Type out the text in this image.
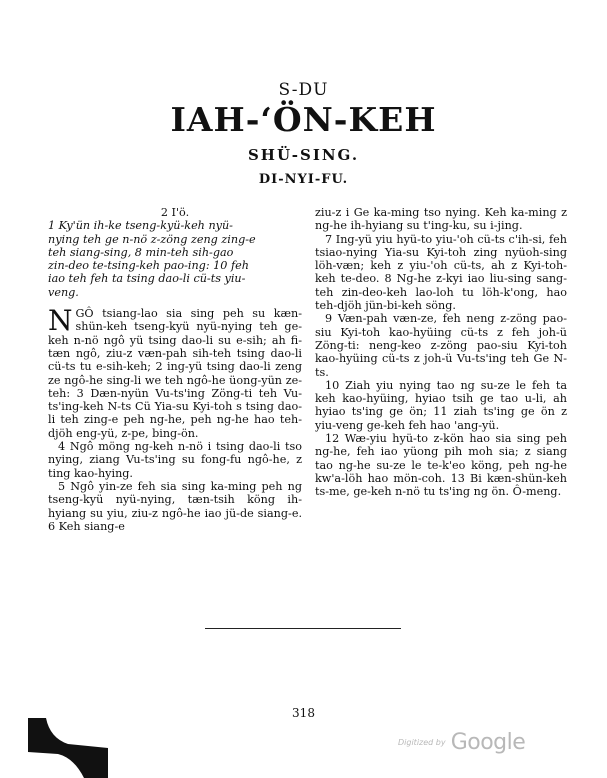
S-DU
IAH-ʻÖN-KEH
SHÜ-SING.
DI-NYI-FU.

2 I'ö.

1 Ky'ün ih-ke tseng-kyü-keh nyü-
nying teh ge n-nö z-zöng zeng zing-e
teh siang-sing, 8 min-teh sih-gao
zin-deo te-tsing-keh pao-ing: 10 feh
iao teh feh ta tsing dao-li cü-ts yiu-
veng.

NGÔ tsiang-lao sia sing peh su kæn-shün-keh tseng-kyü nyü-nying teh ge-keh n-nö ngô yü tsing dao-li su e-sih; ah fi-tæn ngô, ziu-z væn-pah sih-teh tsing dao-li cü-ts tu e-sih-keh; 2 ing-yü tsing dao-li zeng ze ngô-he sing-li we teh ngô-he üong-yün ze-teh: 3 Dæn-nyün Vu-ts'ing Zöng-ti teh Vu-ts'ing-keh N-ts Cü Yia-su Kyi-toh s tsing dao-li teh zing-e peh ng-he, peh ng-he hao teh-djöh eng-yü, z-pe, bing-ön.

4 Ngô möng ng-keh n-nö i tsing dao-li tso nying, ziang Vu-ts'ing su fong-fu ngô-he, z ting kao-hying.

5 Ngô yin-ze feh sia sing ka-ming peh ng tseng-kyü nyü-nying, tæn-tsih köng ih-hyiang su yiu, ziu-z ngô-he iao jü-de siang-e. 6 Keh siang-e

ziu-z i Ge ka-ming tso nying. Keh ka-ming z ng-he ih-hyiang su t'ing-ku, su i-jing.

7 Ing-yü yiu hyü-to yiu-'oh cü-ts c'ih-si, feh tsiao-nying Yia-su Kyi-toh zing nyüoh-sing löh-væn; keh z yiu-'oh cü-ts, ah z Kyi-toh-keh te-deo. 8 Ng-he z-kyi iao liu-sing sang-teh zin-deo-keh lao-loh tu löh-k'ong, hao teh-djöh jün-bi-keh söng.

9 Væn-pah væn-ze, feh neng z-zöng pao-siu Kyi-toh kao-hyüing cü-ts z feh joh-ü Zöng-ti: neng-keo z-zöng pao-siu Kyi-toh kao-hyüing cü-ts z joh-ü Vu-ts'ing teh Ge N-ts.

10 Ziah yiu nying tao ng su-ze le feh ta keh kao-hyüing, hyiao tsih ge tao u-li, ah hyiao ts'ing ge ön; 11 ziah ts'ing ge ön z yiu-veng ge-keh feh hao 'ang-yü.

12 Wæ-yiu hyü-to z-kön hao sia sing peh ng-he, feh iao yüong pih moh sia; z siang tao ng-he su-ze le te-k'eo köng, peh ng-he kw'a-löh hao mön-coh. 13 Bi kæn-shün-keh ts-me, ge-keh n-nö tu ts'ing ng ön. Ô-meng.

318
Digitized by Google
